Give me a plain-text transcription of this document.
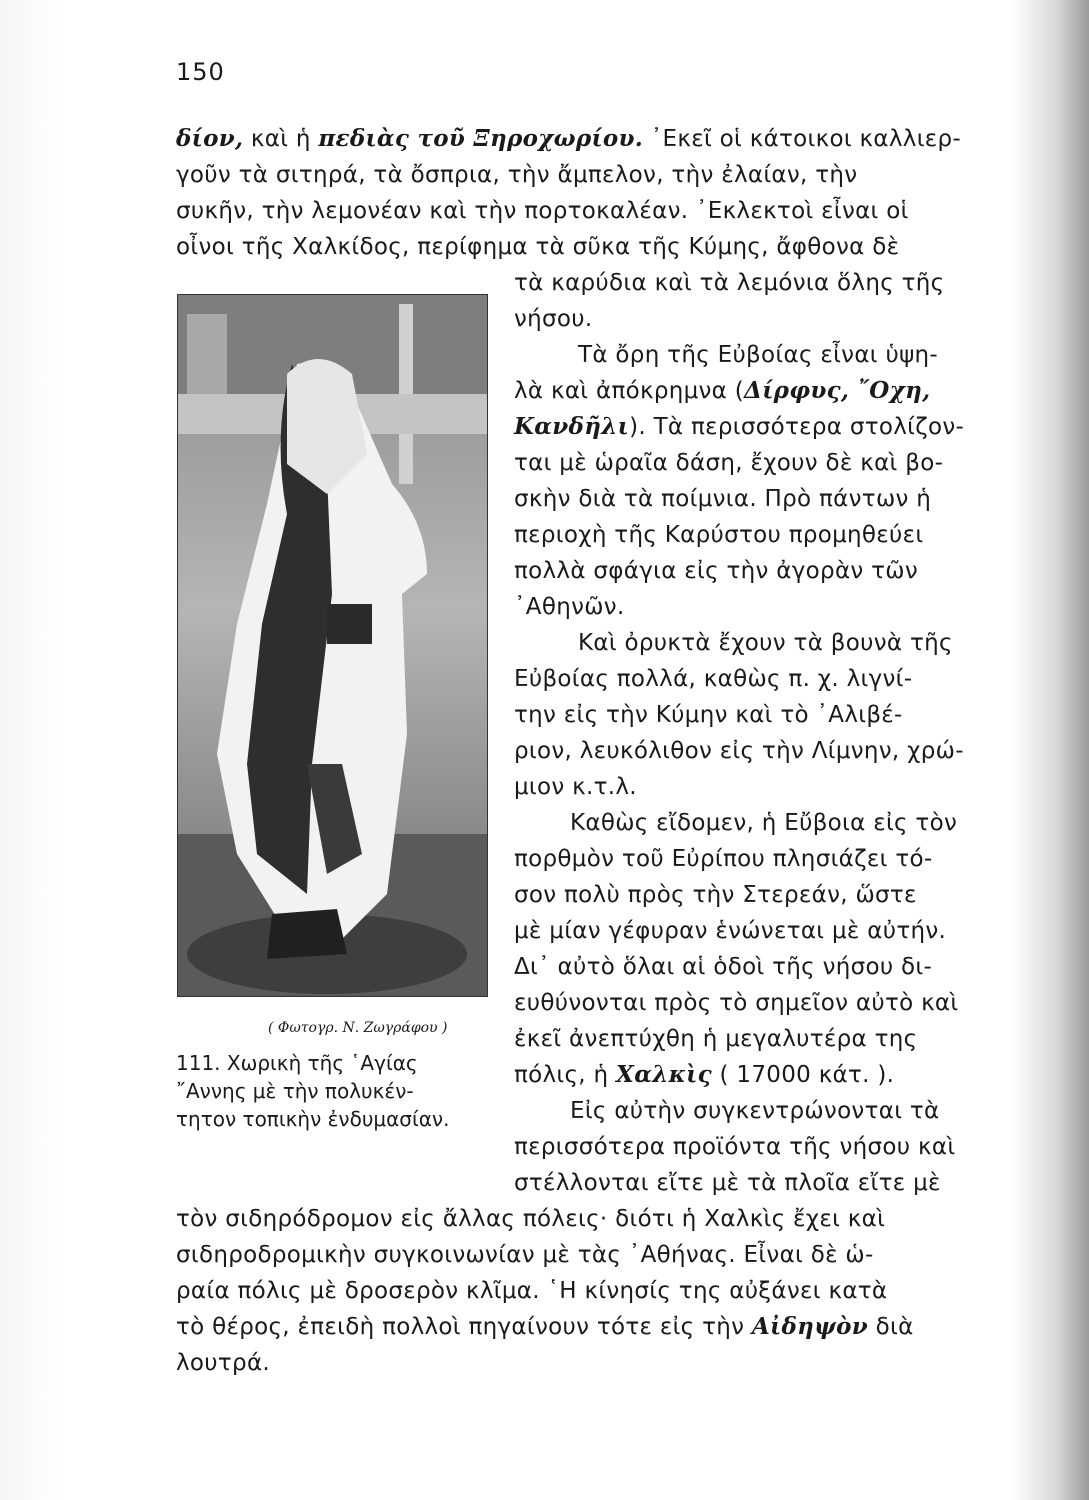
150
δίον, καὶ ἡ πεδιὰς τοῦ Ξηροχωρίου. ᾿Εκεῖ οἱ κάτοικοι καλλιερ-
γοῦν τὰ σιτηρά, τὰ ὄσπρια, τὴν ἄμπελον, τὴν ἐλαίαν, τὴν
συκῆν, τὴν λεμονέαν καὶ τὴν πορτοκαλέαν. ᾿Εκλεκτοὶ εἶναι οἱ
οἶνοι τῆς Χαλκίδος, περίφημα τὰ σῦκα τῆς Κύμης, ἄφθονα δὲ
( Φωτογρ. Ν. Ζωγράφου )
111. Χωρικὴ τῆς ῾Αγίας
῎Αννης μὲ τὴν πολυκέν-
τητον τοπικὴν ἐνδυμασίαν.
τὰ καρύδια καὶ τὰ λεμόνια ὅλης τῆς
νήσου.
Τὰ ὄρη τῆς Εὐβοίας εἶναι ὑψη-
λὰ καὶ ἀπόκρημνα (Δίρφυς, ῎Οχη,
Κανδῆλι). Τὰ περισσότερα στολίζον-
ται μὲ ὡραῖα δάση, ἔχουν δὲ καὶ βο-
σκὴν διὰ τὰ ποίμνια. Πρὸ πάντων ἡ
περιοχὴ τῆς Καρύστου προμηθεύει
πολλὰ σφάγια εἰς τὴν ἀγορὰν τῶν
᾿Αθηνῶν.
Καὶ ὀρυκτὰ ἔχουν τὰ βουνὰ τῆς
Εὐβοίας πολλά, καθὼς π. χ. λιγνί-
την εἰς τὴν Κύμην καὶ τὸ ᾿Αλιβέ-
ριον, λευκόλιθον εἰς τὴν Λίμνην, χρώ-
μιον κ.τ.λ.
Καθὼς εἴδομεν, ἡ Εὔβοια εἰς τὸν
πορθμὸν τοῦ Εὐρίπου πλησιάζει τό-
σον πολὺ πρὸς τὴν Στερεάν, ὥστε
μὲ μίαν γέφυραν ἑνώνεται μὲ αὐτήν.
Δι᾿ αὐτὸ ὅλαι αἱ ὁδοὶ τῆς νήσου δι-
ευθύνονται πρὸς τὸ σημεῖον αὐτὸ καὶ
ἐκεῖ ἀνεπτύχθη ἡ μεγαλυτέρα της
πόλις, ἡ Χαλκὶς ( 17000 κάτ. ).
Εἰς αὐτὴν συγκεντρώνονται τὰ
περισσότερα προϊόντα τῆς νήσου καὶ
στέλλονται εἴτε μὲ τὰ πλοῖα εἴτε μὲ
τὸν σιδηρόδρομον εἰς ἄλλας πόλεις· διότι ἡ Χαλκὶς ἔχει καὶ
σιδηροδρομικὴν συγκοινωνίαν μὲ τὰς ᾿Αθήνας. Εἶναι δὲ ὡ-
ραία πόλις μὲ δροσερὸν κλῖμα. ῾Η κίνησίς της αὐξάνει κατὰ
τὸ θέρος, ἐπειδὴ πολλοὶ πηγαίνουν τότε εἰς τὴν Αἰδηψὸν διὰ
λουτρά.
